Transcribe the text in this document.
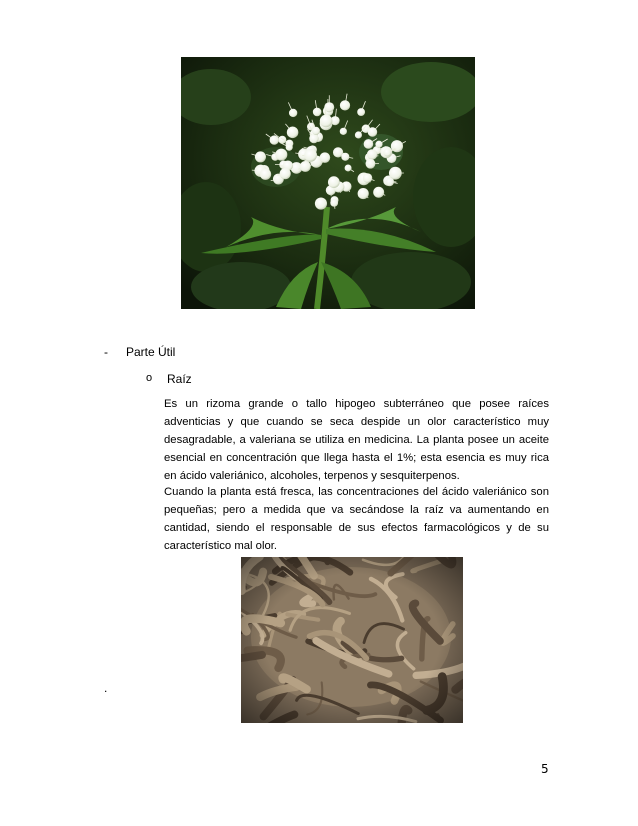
- Parte Útil
o Raíz

Es un rizoma grande o tallo hipogeo subterráneo que posee raíces adventicias y que cuando se seca despide un olor característico muy desagradable, a valeriana se utiliza en medicina. La planta posee un aceite esencial en concentración que llega hasta el 1%; esta esencia es muy rica en ácido valeriánico, alcoholes, terpenos y sesquiterpenos.

Cuando la planta está fresca, las concentraciones del ácido valeriánico son pequeñas; pero a medida que va secándose la raíz va aumentando en cantidad, siendo el responsable de sus efectos farmacológicos y de su característico mal olor.

.
5
